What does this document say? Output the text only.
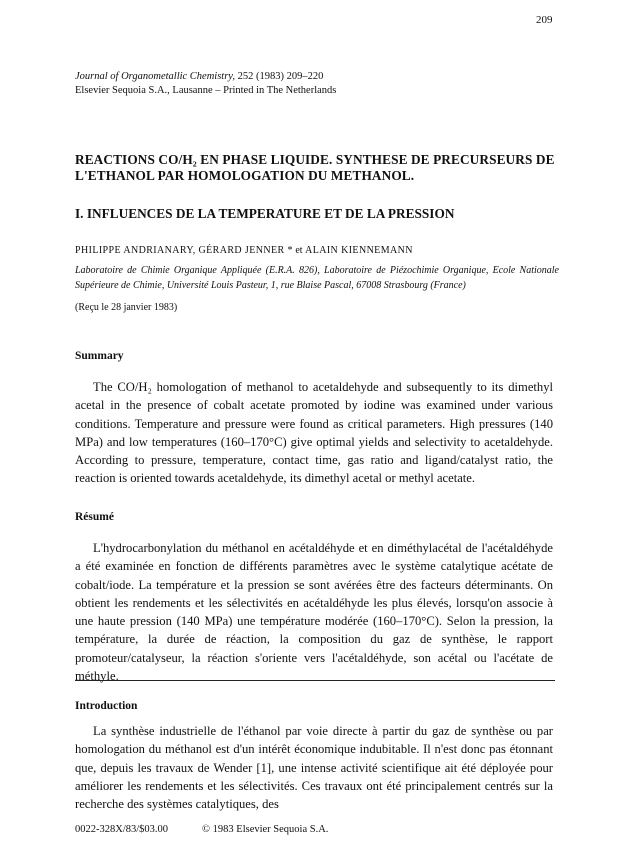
209
Journal of Organometallic Chemistry, 252 (1983) 209–220
Elsevier Sequoia S.A., Lausanne – Printed in The Netherlands
REACTIONS CO/H₂ EN PHASE LIQUIDE. SYNTHESE DE PRECURSEURS DE L'ETHANOL PAR HOMOLOGATION DU METHANOL.
I. INFLUENCES DE LA TEMPERATURE ET DE LA PRESSION
PHILIPPE ANDRIANARY, GÉRARD JENNER * et ALAIN KIENNEMANN
Laboratoire de Chimie Organique Appliquée (E.R.A. 826), Laboratoire de Piézochimie Organique, Ecole Nationale Supérieure de Chimie, Université Louis Pasteur, 1, rue Blaise Pascal, 67008 Strasbourg (France)
(Reçu le 28 janvier 1983)
Summary
The CO/H₂ homologation of methanol to acetaldehyde and subsequently to its dimethyl acetal in the presence of cobalt acetate promoted by iodine was examined under various conditions. Temperature and pressure were found as critical parameters. High pressures (140 MPa) and low temperatures (160–170°C) give optimal yields and selectivity to acetaldehyde. According to pressure, temperature, contact time, gas ratio and ligand/catalyst ratio, the reaction is oriented towards acetaldehyde, its dimethyl acetal or methyl acetate.
Résumé
L'hydrocarbonylation du méthanol en acétaldéhyde et en diméthylacétal de l'acétaldéhyde a été examinée en fonction de différents paramètres avec le système catalytique acétate de cobalt/iode. La température et la pression se sont avérées être des facteurs déterminants. On obtient les rendements et les sélectivités en acétaldéhyde les plus élevés, lorsqu'on associe à une haute pression (140 MPa) une température modérée (160–170°C). Selon la pression, la température, la durée de réaction, la composition du gaz de synthèse, le rapport promoteur/catalyseur, la réaction s'oriente vers l'acétaldéhyde, son acétal ou l'acétate de méthyle.
Introduction
La synthèse industrielle de l'éthanol par voie directe à partir du gaz de synthèse ou par homologation du méthanol est d'un intérêt économique indubitable. Il n'est donc pas étonnant que, depuis les travaux de Wender [1], une intense activité scientifique ait été déployée pour améliorer les rendements et les sélectivités. Ces travaux ont été principalement centrés sur la recherche des systèmes catalytiques, des
0022-328X/83/$03.00	© 1983 Elsevier Sequoia S.A.
